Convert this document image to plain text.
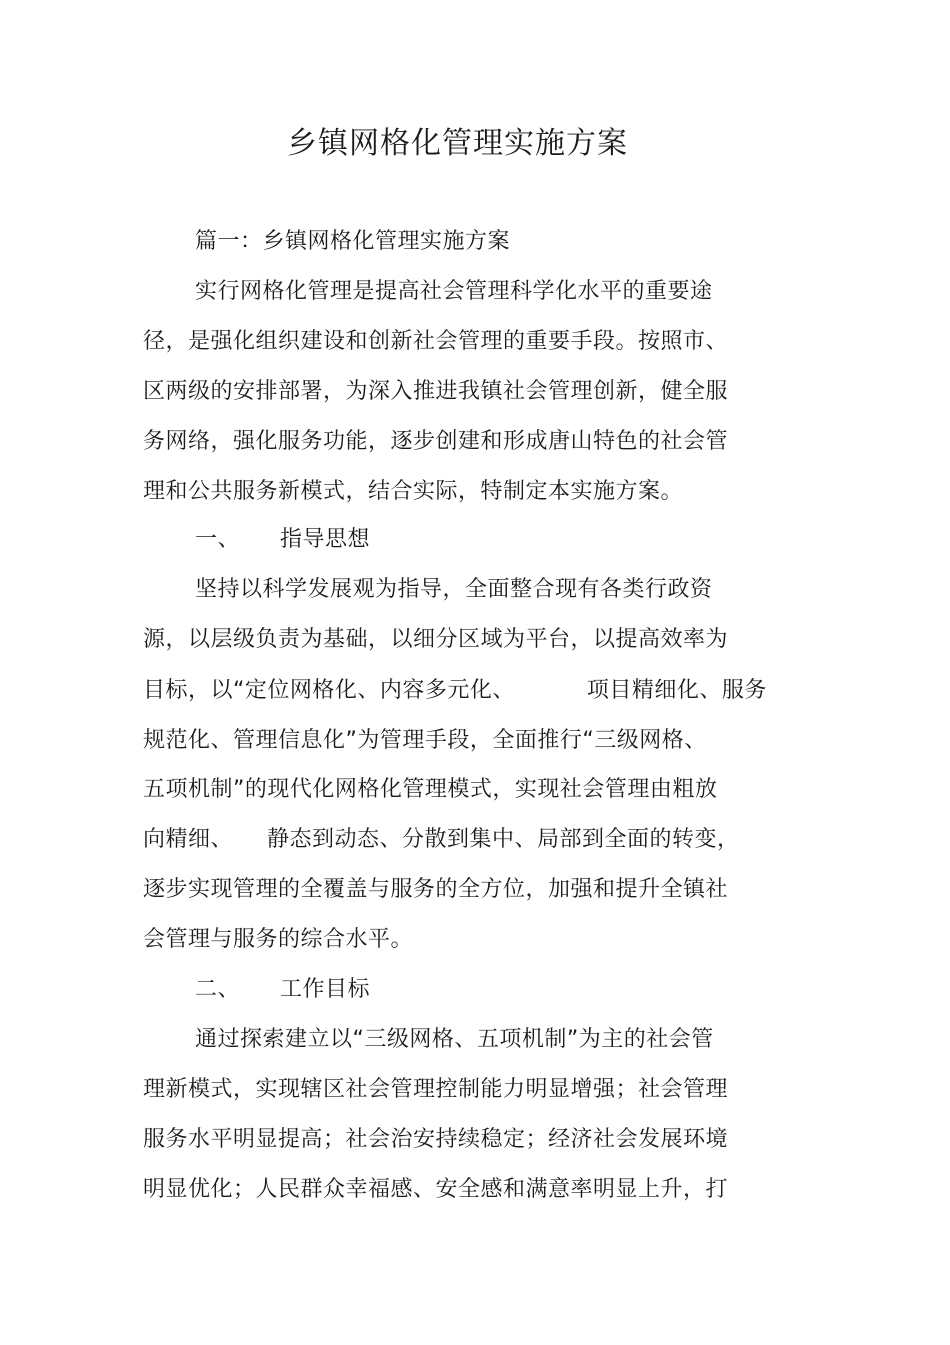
乡镇网格化管理实施方案
篇一：乡镇网格化管理实施方案
实行网格化管理是提高社会管理科学化水平的重要途
径，是强化组织建设和创新社会管理的重要手段。按照市、
区两级的安排部署，为深入推进我镇社会管理创新，健全服
务网络，强化服务功能，逐步创建和形成唐山特色的社会管
理和公共服务新模式，结合实际，特制定本实施方案。
一、 指导思想
坚持以科学发展观为指导，全面整合现有各类行政资
源，以层级负责为基础，以细分区域为平台，以提高效率为
目标，以“定位网格化、内容多元化、	项目精细化、服务
规范化、管理信息化”为管理手段，全面推行“三级网格、
五项机制”的现代化网格化管理模式，实现社会管理由粗放
向精细、 静态到动态、分散到集中、局部到全面的转变，
逐步实现管理的全覆盖与服务的全方位，加强和提升全镇社
会管理与服务的综合水平。
二、 工作目标
通过探索建立以“三级网格、五项机制”为主的社会管
理新模式，实现辖区社会管理控制能力明显增强；社会管理
服务水平明显提高；社会治安持续稳定；经济社会发展环境
明显优化；人民群众幸福感、安全感和满意率明显上升，打
